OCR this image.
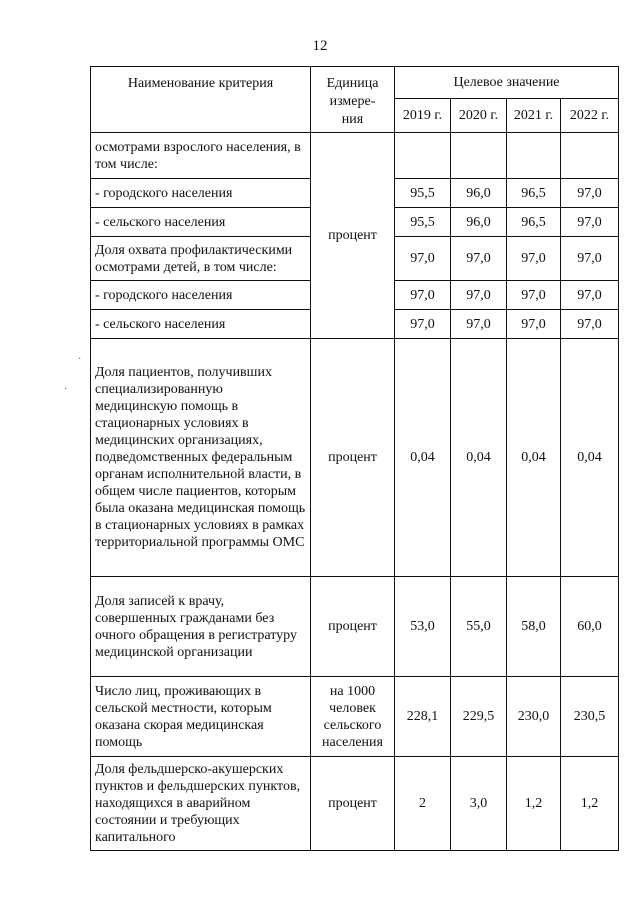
12
·
·
Наименование критерия	Единица
измере-
ния	Целевое значение			
		2019 г.	2020 г.	2021 г.	2022 г.
осмотрами взрослого населения, в том числе:	процент				
- городского населения		95,5	96,0	96,5	97,0
- сельского населения		95,5	96,0	96,5	97,0
Доля охвата профилактическими осмотрами детей, в том числе:		97,0	97,0	97,0	97,0
- городского населения		97,0	97,0	97,0	97,0
- сельского населения		97,0	97,0	97,0	97,0
Доля пациентов, получивших специализированную медицинскую помощь в стационарных условиях в медицинских организациях, подведомственных федеральным органам исполнительной власти, в общем числе пациентов, которым была оказана медицинская помощь в стационарных условиях в рамках территориальной программы ОМС	процент	0,04	0,04	0,04	0,04
Доля записей к врачу, совершенных гражданами без очного обращения в регистратуру медицинской организации	процент	53,0	55,0	58,0	60,0
Число лиц, проживающих в сельской местности, которым оказана скорая медицинская помощь	на 1000
человек
сельского
населения	228,1	229,5	230,0	230,5
Доля фельдшерско-акушерских пунктов и фельдшерских пунктов, находящихся в аварийном состоянии и требующих капитального	процент	2	3,0	1,2	1,2
